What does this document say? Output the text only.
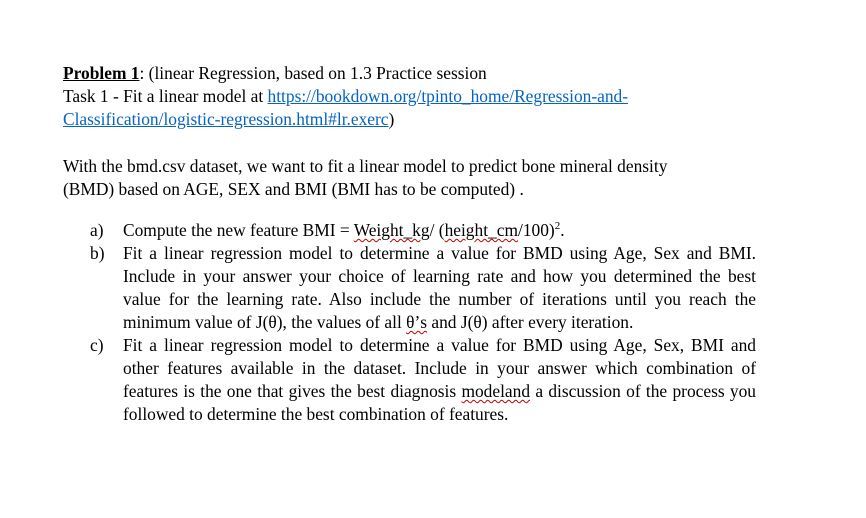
Problem 1: (linear Regression, based on 1.3 Practice session
Task 1 - Fit a linear model at https://bookdown.org/tpinto_home/Regression-and-
Classification/logistic-regression.html#lr.exerc)
With the bmd.csv dataset, we want to fit a linear model to predict bone mineral density
(BMD) based on AGE, SEX and BMI (BMI has to be computed) .
a) Compute the new feature BMI = Weight_kg/ (height_cm/100)$^2$.
b) Fit a linear regression model to determine a value for BMD using Age, Sex and BMI. Include in your answer your choice of learning rate and how you determined the best value for the learning rate. Also include the number of iterations until you reach the minimum value of J(θ), the values of all θ’s and J(θ) after every iteration.
c) Fit a linear regression model to determine a value for BMD using Age, Sex, BMI and other features available in the dataset. Include in your answer which combination of features is the one that gives the best diagnosis modeland a discussion of the process you followed to determine the best combination of features.
